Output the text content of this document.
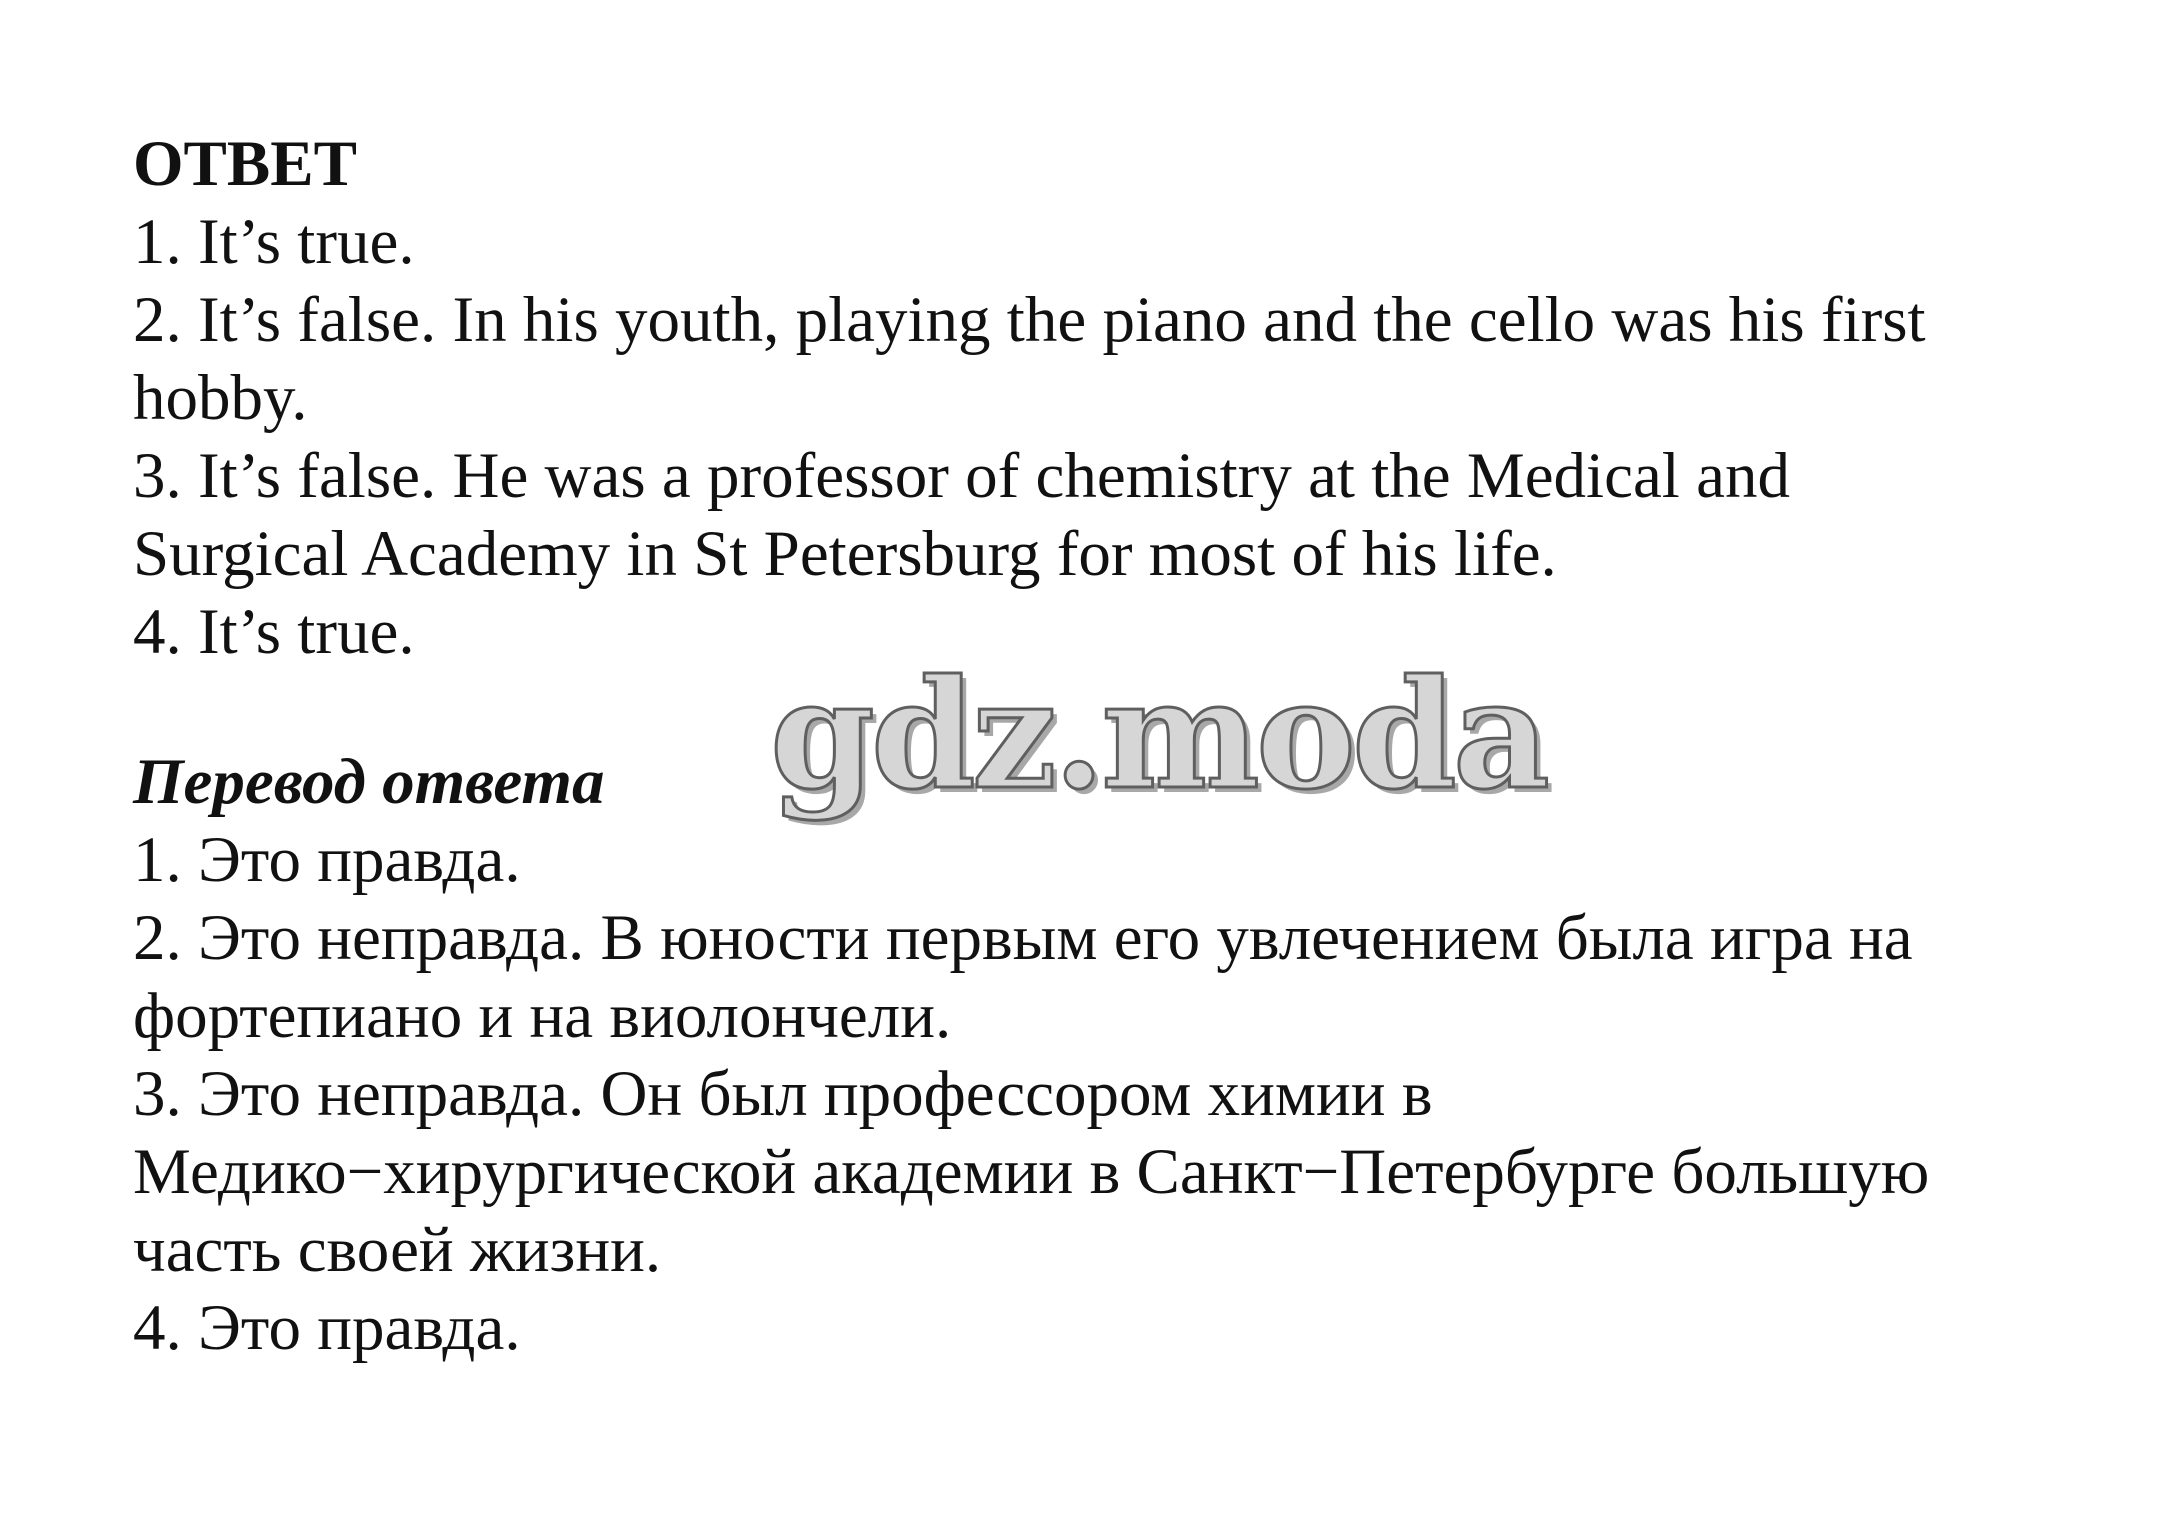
ОТВЕТ
1. It’s true.
2. It’s false. In his youth, playing the piano and the cello was his first
hobby.
3. It’s false. He was a professor of chemistry at the Medical and
Surgical Academy in St Petersburg for most of his life.
4. It’s true.
Перевод ответа
1. Это правда.
2. Это неправда. В юности первым его увлечением была игра на
фортепиано и на виолончели.
3. Это неправда. Он был профессором химии в
Медико−хирургической академии в Санкт−Петербурге большую
часть своей жизни.
4. Это правда.
gdz.moda
